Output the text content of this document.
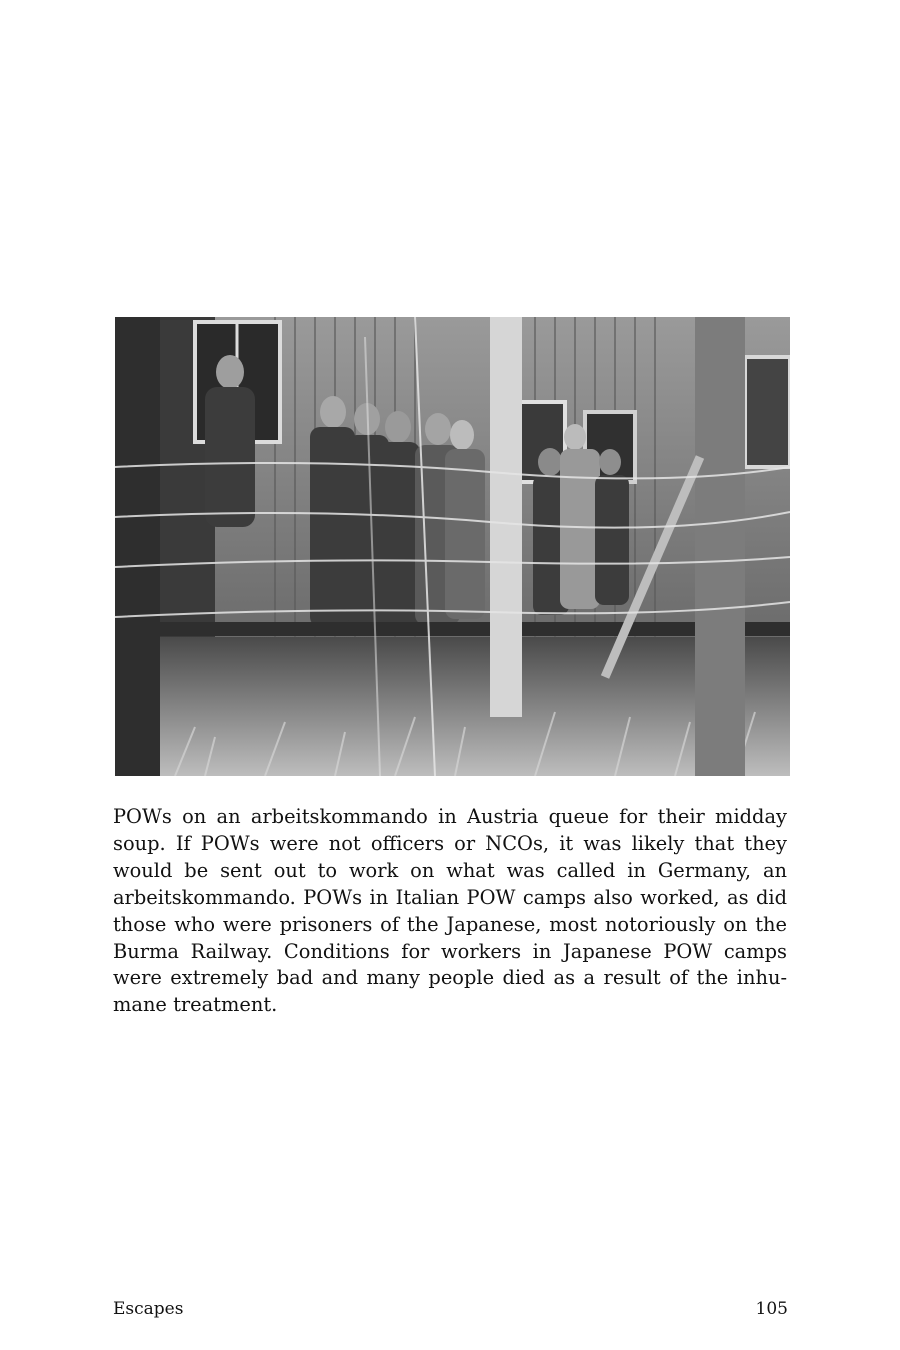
POWs on an arbeitskommando in Austria queue for their midday soup. If POWs were not officers or NCOs, it was likely that they would be sent out to work on what was called in Germany, an arbeitskommando. POWs in Italian POW camps also worked, as did those who were prisoners of the Japanese, most notoriously on the Burma Railway. Conditions for workers in Japanese POW camps were extremely bad and many people died as a result of the inhumane treatment.

Escapes	105
